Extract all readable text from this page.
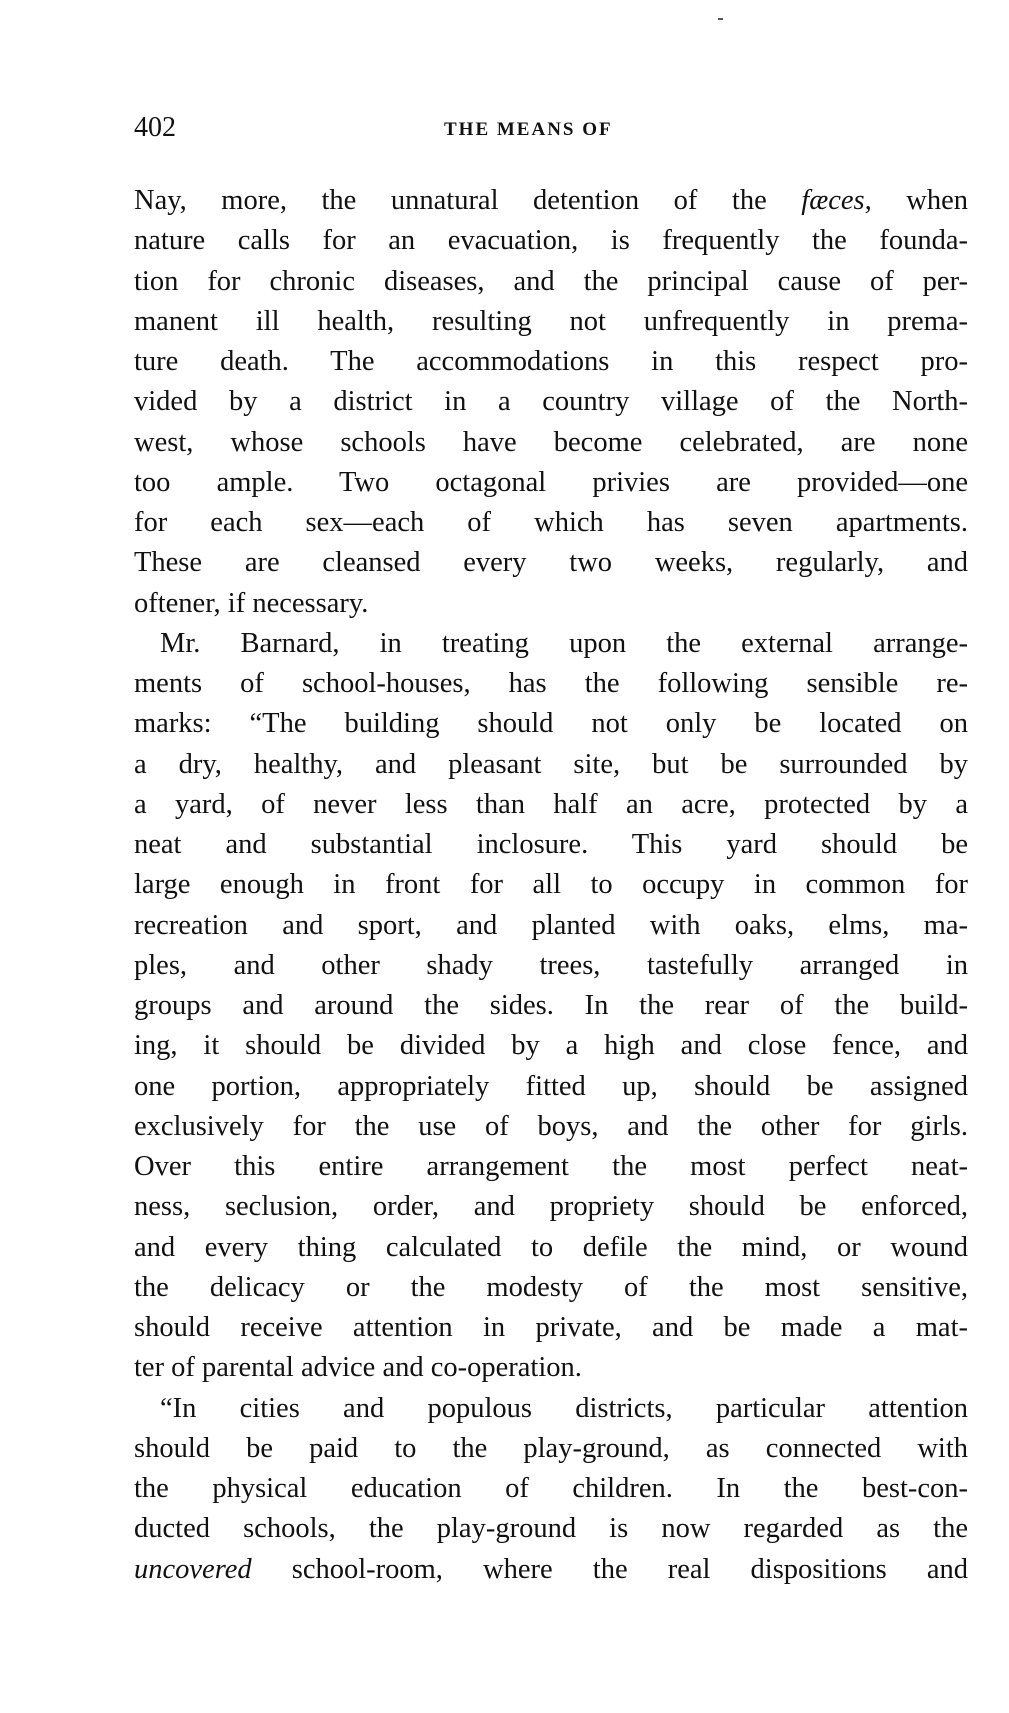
402	THE MEANS OF
Nay, more, the unnatural detention of the fæces, when
nature calls for an evacuation, is frequently the founda-
tion for chronic diseases, and the principal cause of per-
manent ill health, resulting not unfrequently in prema-
ture death. The accommodations in this respect pro-
vided by a district in a country village of the North-
west, whose schools have become celebrated, are none
too ample. Two octagonal privies are provided—one
for each sex—each of which has seven apartments.
These are cleansed every two weeks, regularly, and
oftener, if necessary.
Mr. Barnard, in treating upon the external arrange-
ments of school-houses, has the following sensible re-
marks: “The building should not only be located on
a dry, healthy, and pleasant site, but be surrounded by
a yard, of never less than half an acre, protected by a
neat and substantial inclosure. This yard should be
large enough in front for all to occupy in common for
recreation and sport, and planted with oaks, elms, ma-
ples, and other shady trees, tastefully arranged in
groups and around the sides. In the rear of the build-
ing, it should be divided by a high and close fence, and
one portion, appropriately fitted up, should be assigned
exclusively for the use of boys, and the other for girls.
Over this entire arrangement the most perfect neat-
ness, seclusion, order, and propriety should be enforced,
and every thing calculated to defile the mind, or wound
the delicacy or the modesty of the most sensitive,
should receive attention in private, and be made a mat-
ter of parental advice and co-operation.
“In cities and populous districts, particular attention
should be paid to the play-ground, as connected with
the physical education of children. In the best-con-
ducted schools, the play-ground is now regarded as the
uncovered school-room, where the real dispositions and
